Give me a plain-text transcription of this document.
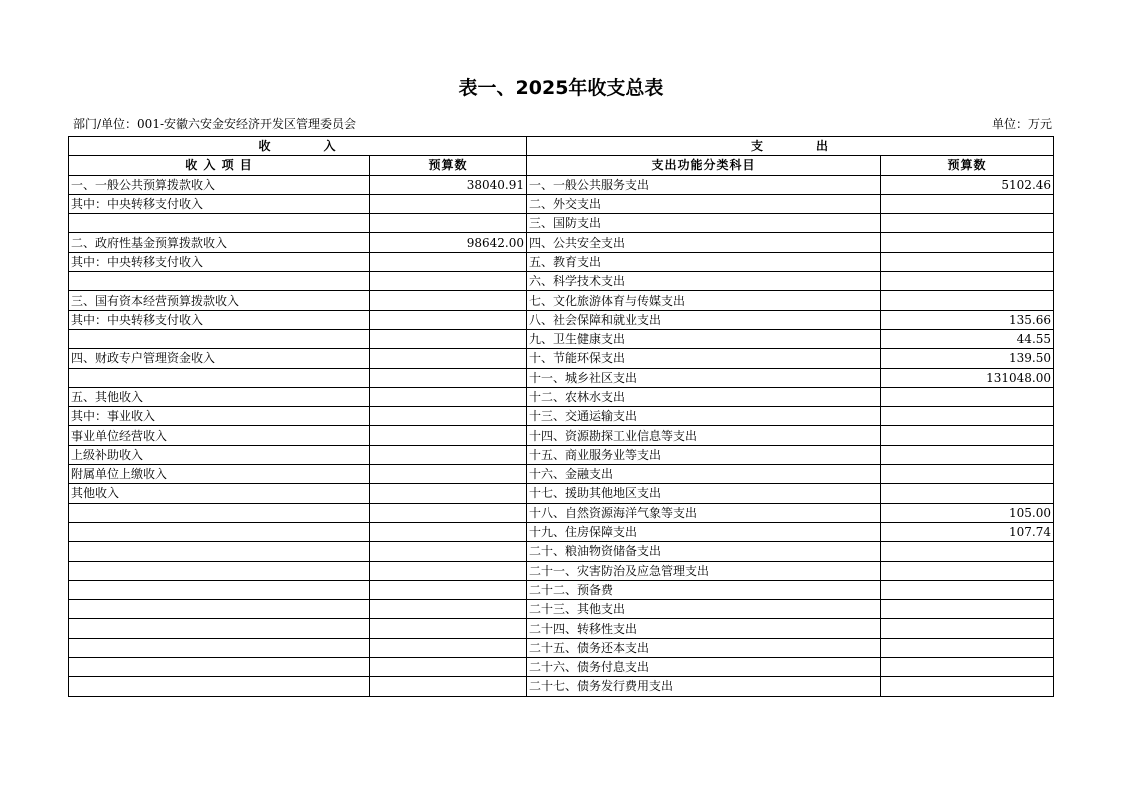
表一、2025年收支总表
部门/单位：001-安徽六安金安经济开发区管理委员会	单位：万元
收　　　　入		支　　　　出	
收 入 项 目	预算数	支出功能分类科目	预算数
一、一般公共预算拨款收入	38040.91	一、一般公共服务支出	5102.46
其中：中央转移支付收入		二、外交支出	
		三、国防支出	
二、政府性基金预算拨款收入	98642.00	四、公共安全支出	
其中：中央转移支付收入		五、教育支出	
		六、科学技术支出	
三、国有资本经营预算拨款收入		七、文化旅游体育与传媒支出	
其中：中央转移支付收入		八、社会保障和就业支出	135.66
		九、卫生健康支出	44.55
四、财政专户管理资金收入		十、节能环保支出	139.50
		十一、城乡社区支出	131048.00
五、其他收入		十二、农林水支出	
其中：事业收入		十三、交通运输支出	
事业单位经营收入		十四、资源勘探工业信息等支出	
上级补助收入		十五、商业服务业等支出	
附属单位上缴收入		十六、金融支出	
其他收入		十七、援助其他地区支出	
		十八、自然资源海洋气象等支出	105.00
		十九、住房保障支出	107.74
		二十、粮油物资储备支出	
		二十一、灾害防治及应急管理支出	
		二十二、预备费	
		二十三、其他支出	
		二十四、转移性支出	
		二十五、债务还本支出	
		二十六、债务付息支出	
		二十七、债务发行费用支出	
